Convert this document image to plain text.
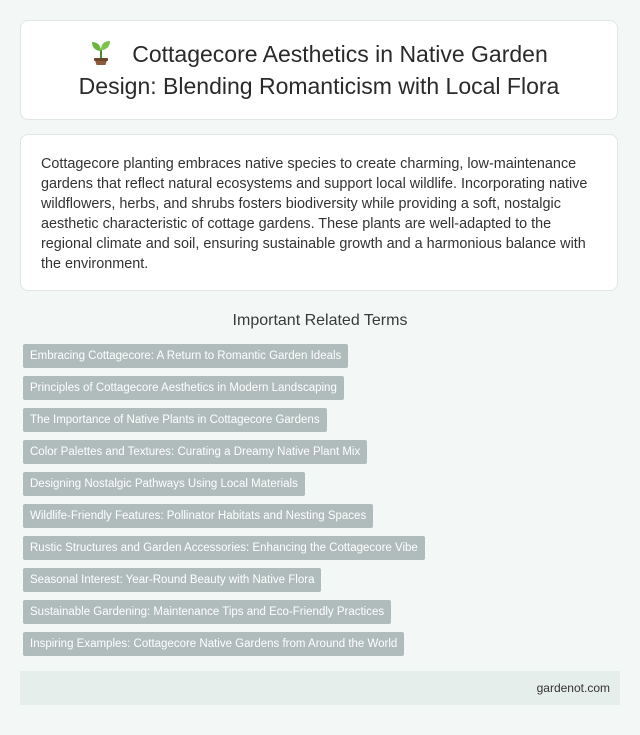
Cottagecore Aesthetics in Native Garden Design: Blending Romanticism with Local Flora

Cottagecore planting embraces native species to create charming, low-maintenance gardens that reflect natural ecosystems and support local wildlife. Incorporating native wildflowers, herbs, and shrubs fosters biodiversity while providing a soft, nostalgic aesthetic characteristic of cottage gardens. These plants are well-adapted to the regional climate and soil, ensuring sustainable growth and a harmonious balance with the environment.

Important Related Terms
Embracing Cottagecore: A Return to Romantic Garden Ideals
Principles of Cottagecore Aesthetics in Modern Landscaping
The Importance of Native Plants in Cottagecore Gardens
Color Palettes and Textures: Curating a Dreamy Native Plant Mix
Designing Nostalgic Pathways Using Local Materials
Wildlife-Friendly Features: Pollinator Habitats and Nesting Spaces
Rustic Structures and Garden Accessories: Enhancing the Cottagecore Vibe
Seasonal Interest: Year-Round Beauty with Native Flora
Sustainable Gardening: Maintenance Tips and Eco-Friendly Practices
Inspiring Examples: Cottagecore Native Gardens from Around the World
gardenot.com
